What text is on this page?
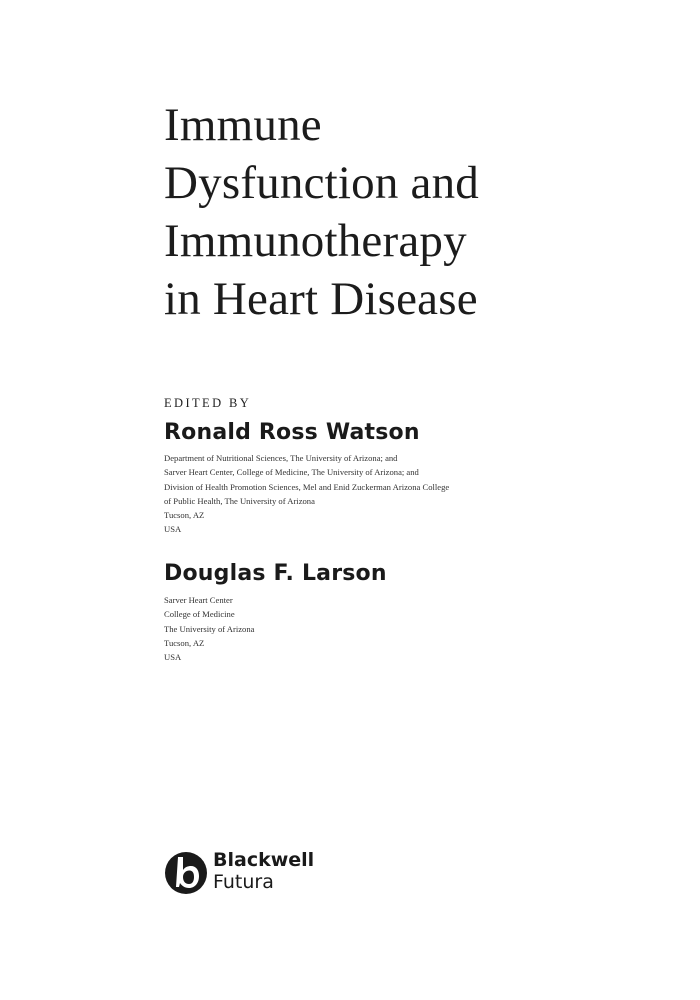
Immune
Dysfunction and
Immunotherapy
in Heart Disease
EDITED BY
Ronald Ross Watson
Department of Nutritional Sciences, The University of Arizona; and
Sarver Heart Center, College of Medicine, The University of Arizona; and
Division of Health Promotion Sciences, Mel and Enid Zuckerman Arizona College
of Public Health, The University of Arizona
Tucson, AZ
USA
Douglas F. Larson
Sarver Heart Center
College of Medicine
The University of Arizona
Tucson, AZ
USA
Blackwell
Futura
